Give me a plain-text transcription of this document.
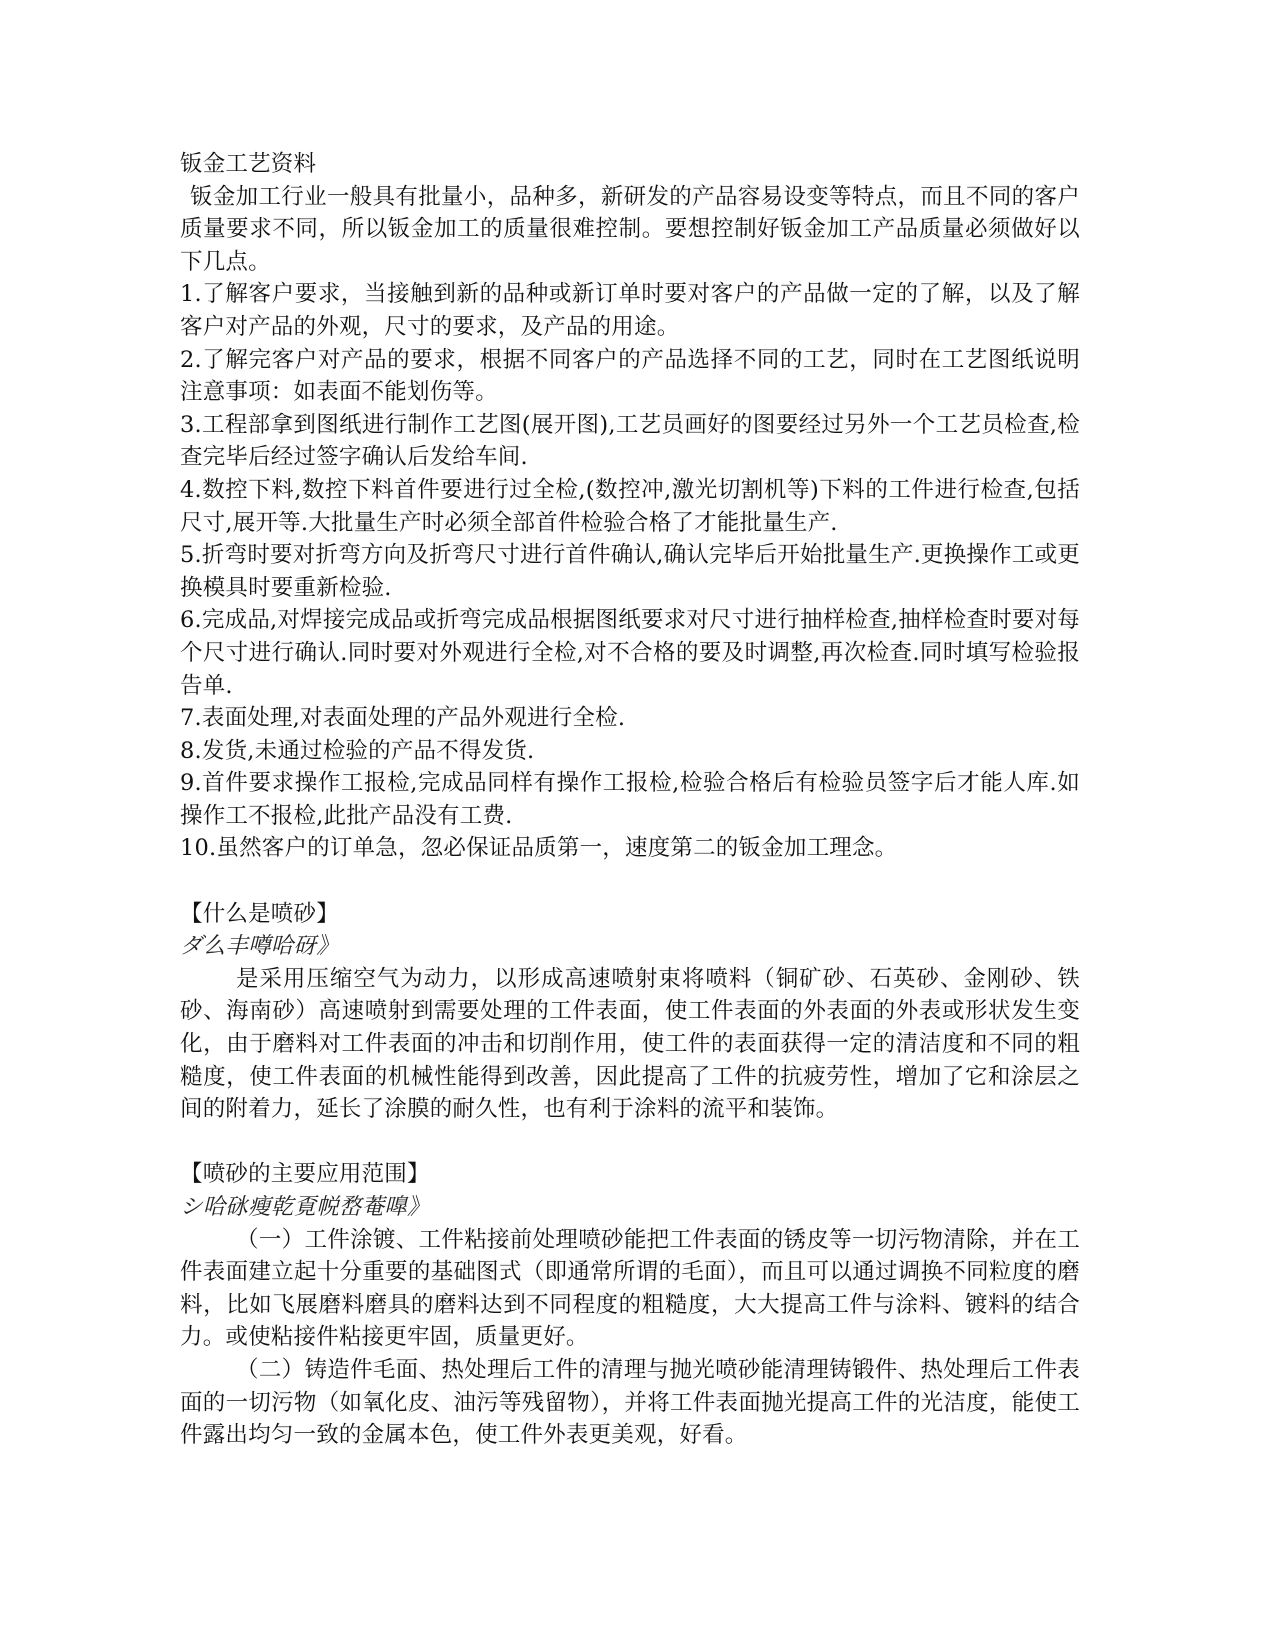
钣金工艺资料

钣金加工行业一般具有批量小，品种多，新研发的产品容易设变等特点，而且不同的客户质量要求不同，所以钣金加工的质量很难控制。要想控制好钣金加工产品质量必须做好以下几点。

1.了解客户要求，当接触到新的品种或新订单时要对客户的产品做一定的了解，以及了解客户对产品的外观，尺寸的要求，及产品的用途。

2.了解完客户对产品的要求，根据不同客户的产品选择不同的工艺，同时在工艺图纸说明注意事项：如表面不能划伤等。

3.工程部拿到图纸进行制作工艺图(展开图),工艺员画好的图要经过另外一个工艺员检查,检查完毕后经过签字确认后发给车间.

4.数控下料,数控下料首件要进行过全检,(数控冲,激光切割机等)下料的工件进行检查,包括尺寸,展开等.大批量生产时必须全部首件检验合格了才能批量生产.

5.折弯时要对折弯方向及折弯尺寸进行首件确认,确认完毕后开始批量生产.更换操作工或更换模具时要重新检验.

6.完成品,对焊接完成品或折弯完成品根据图纸要求对尺寸进行抽样检查,抽样检查时要对每个尺寸进行确认.同时要对外观进行全检,对不合格的要及时调整,再次检查.同时填写检验报告单.

7.表面处理,对表面处理的产品外观进行全检.

8.发货,未通过检验的产品不得发货.

9.首件要求操作工报检,完成品同样有操作工报检,检验合格后有检验员签字后才能人库.如操作工不报检,此批产品没有工费.

10.虽然客户的订单急，忽必保证品质第一，速度第二的钣金加工理念。

【什么是喷砂】

ダ么丰噂哈砑》

是采用压缩空气为动力，以形成高速喷射束将喷料（铜矿砂、石英砂、金刚砂、铁砂、海南砂）高速喷射到需要处理的工件表面，使工件表面的外表面的外表或形状发生变化，由于磨料对工件表面的冲击和切削作用，使工件的表面获得一定的清洁度和不同的粗糙度，使工件表面的机械性能得到改善，因此提高了工件的抗疲劳性，增加了它和涂层之间的附着力，延长了涂膜的耐久性，也有利于涂料的流平和装饰。

【喷砂的主要应用范围】

シ哈砯瘦乾覔帨嵍菴嘷》

（一）工件涂镀、工件粘接前处理喷砂能把工件表面的锈皮等一切污物清除，并在工件表面建立起十分重要的基础图式（即通常所谓的毛面），而且可以通过调换不同粒度的磨料，比如飞展磨料磨具的磨料达到不同程度的粗糙度，大大提高工件与涂料、镀料的结合力。或使粘接件粘接更牢固，质量更好。

（二）铸造件毛面、热处理后工件的清理与抛光喷砂能清理铸锻件、热处理后工件表面的一切污物（如氧化皮、油污等残留物），并将工件表面抛光提高工件的光洁度，能使工件露出均匀一致的金属本色，使工件外表更美观，好看。
